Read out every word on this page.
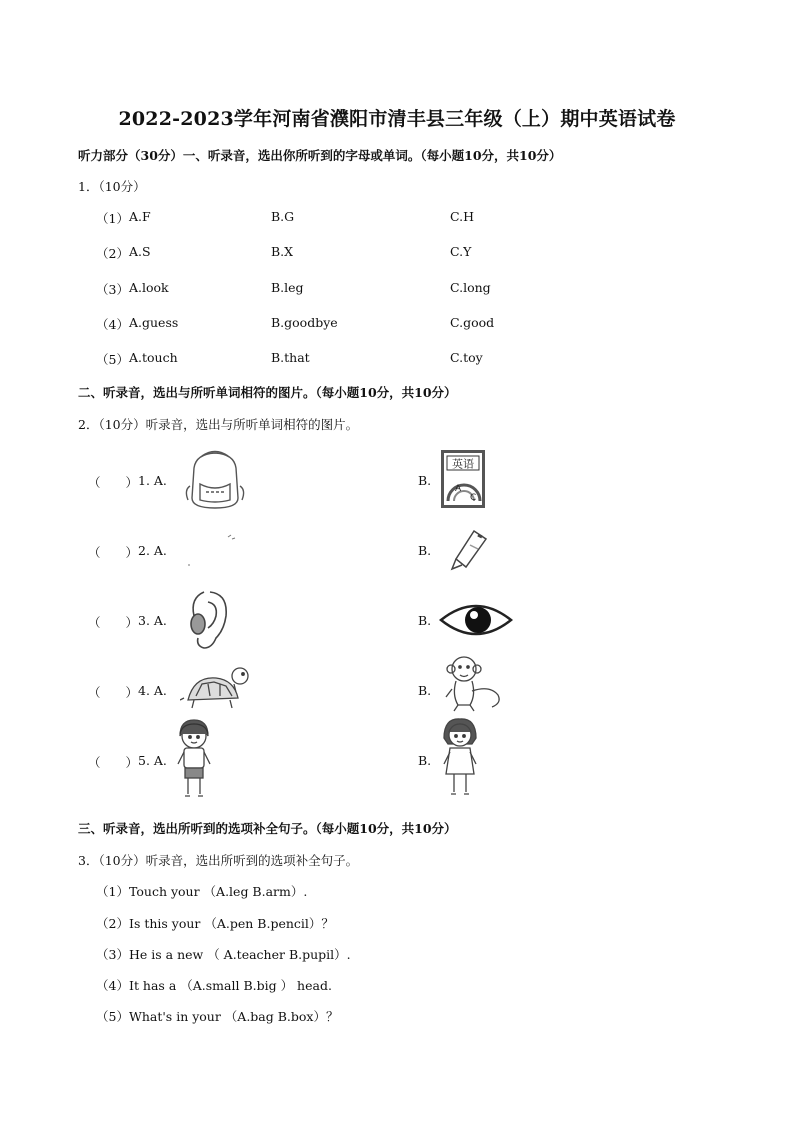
2022-2023学年河南省濮阳市清丰县三年级（上）期中英语试卷
听力部分（30分）一、听录音，选出你所听到的字母或单词。（每小题10分，共10分）
1．（10分）
（1） A.F	B.G	C.H
（2） A.S	B.X	C.Y
（3） A.look	B.leg	C.long
（4） A.guess	B.goodbye	C.good
（5） A.touch	B.that	C.toy
二、听录音，选出与所听单词相符的图片。（每小题10分，共10分）
2．（10分）听录音，选出与所听单词相符的图片。
（　　） 1. A.	B.
英语
A
C
（　　） 2. A.	B.
（　　） 3. A.	B.
（　　） 4. A.	B.
（　　） 5. A.	B.
三、听录音，选出所听到的选项补全句子。（每小题10分，共10分）
3．（10分）听录音，选出所听到的选项补全句子。
（1） Touch your （A.leg B.arm）.
（2） Is this your （A.pen B.pencil）？
（3） He is a new （ A.teacher B.pupil）.
（4） It has a （A.small B.big ） head.
（5） What's in your （A.bag B.box）？
